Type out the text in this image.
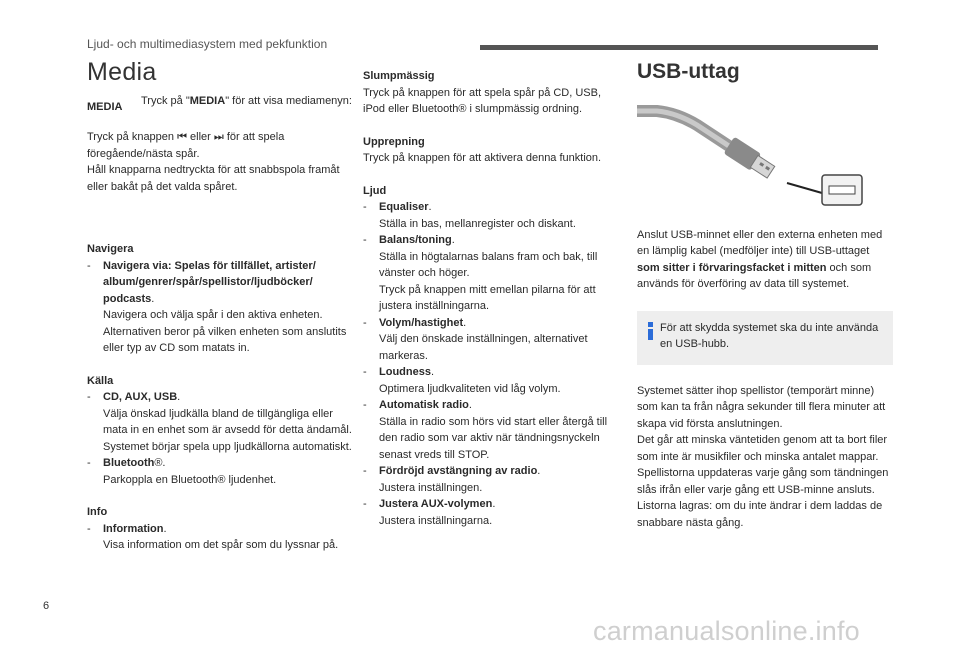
Ljud- och multimediasystem med pekfunktion
Media
MEDIA	Tryck på "MEDIA" för att visa mediamenyn:

Tryck på knappen ⏮ eller ⏭ för att spela föregående/nästa spår.

Håll knapparna nedtryckta för att snabbspola framåt eller bakåt på det valda spåret.

Navigera

-	Navigera via: Spelas för tillfället, artister/ album/genrer/spår/spellistor/ljudböcker/ podcasts.

Navigera och välja spår i den aktiva enheten.

Alternativen beror på vilken enheten som anslutits eller typ av CD som matats in.

Källa

-	CD, AUX, USB.

Välja önskad ljudkälla bland de tillgängliga eller mata in en enhet som är avsedd för detta ändamål. Systemet börjar spela upp ljudkällorna automatiskt.

-	Bluetooth®.

Parkoppla en Bluetooth® ljudenhet.

Info

-	Information.

Visa information om det spår som du lyssnar på.

Slumpmässig

Tryck på knappen för att spela spår på CD, USB, iPod eller Bluetooth® i slumpmässig ordning.

Upprepning

Tryck på knappen för att aktivera denna funktion.

Ljud

-	Equaliser.

Ställa in bas, mellanregister och diskant.

-	Balans/toning.

Ställa in högtalarnas balans fram och bak, till vänster och höger.

Tryck på knappen mitt emellan pilarna för att justera inställningarna.

-	Volym/hastighet.

Välj den önskade inställningen, alternativet markeras.

-	Loudness.

Optimera ljudkvaliteten vid låg volym.

-	Automatisk radio.

Ställa in radio som hörs vid start eller återgå till den radio som var aktiv när tändningsnyckeln senast vreds till STOP.

-	Fördröjd avstängning av radio.

Justera inställningen.

-	Justera AUX-volymen.

Justera inställningarna.

USB-uttag

Anslut USB-minnet eller den externa enheten med en lämplig kabel (medföljer inte) till USB-uttaget som sitter i förvaringsfacket i mitten och som används för överföring av data till systemet.

För att skydda systemet ska du inte använda en USB-hubb.

Systemet sätter ihop spellistor (temporärt minne) som kan ta från några sekunder till flera minuter att skapa vid första anslutningen.

Det går att minska väntetiden genom att ta bort filer som inte är musikfiler och minska antalet mappar.

Spellistorna uppdateras varje gång som tändningen slås ifrån eller varje gång ett USB-minne ansluts. Listorna lagras: om du inte ändrar i dem laddas de snabbare nästa gång.

6
carmanualsonline.info
